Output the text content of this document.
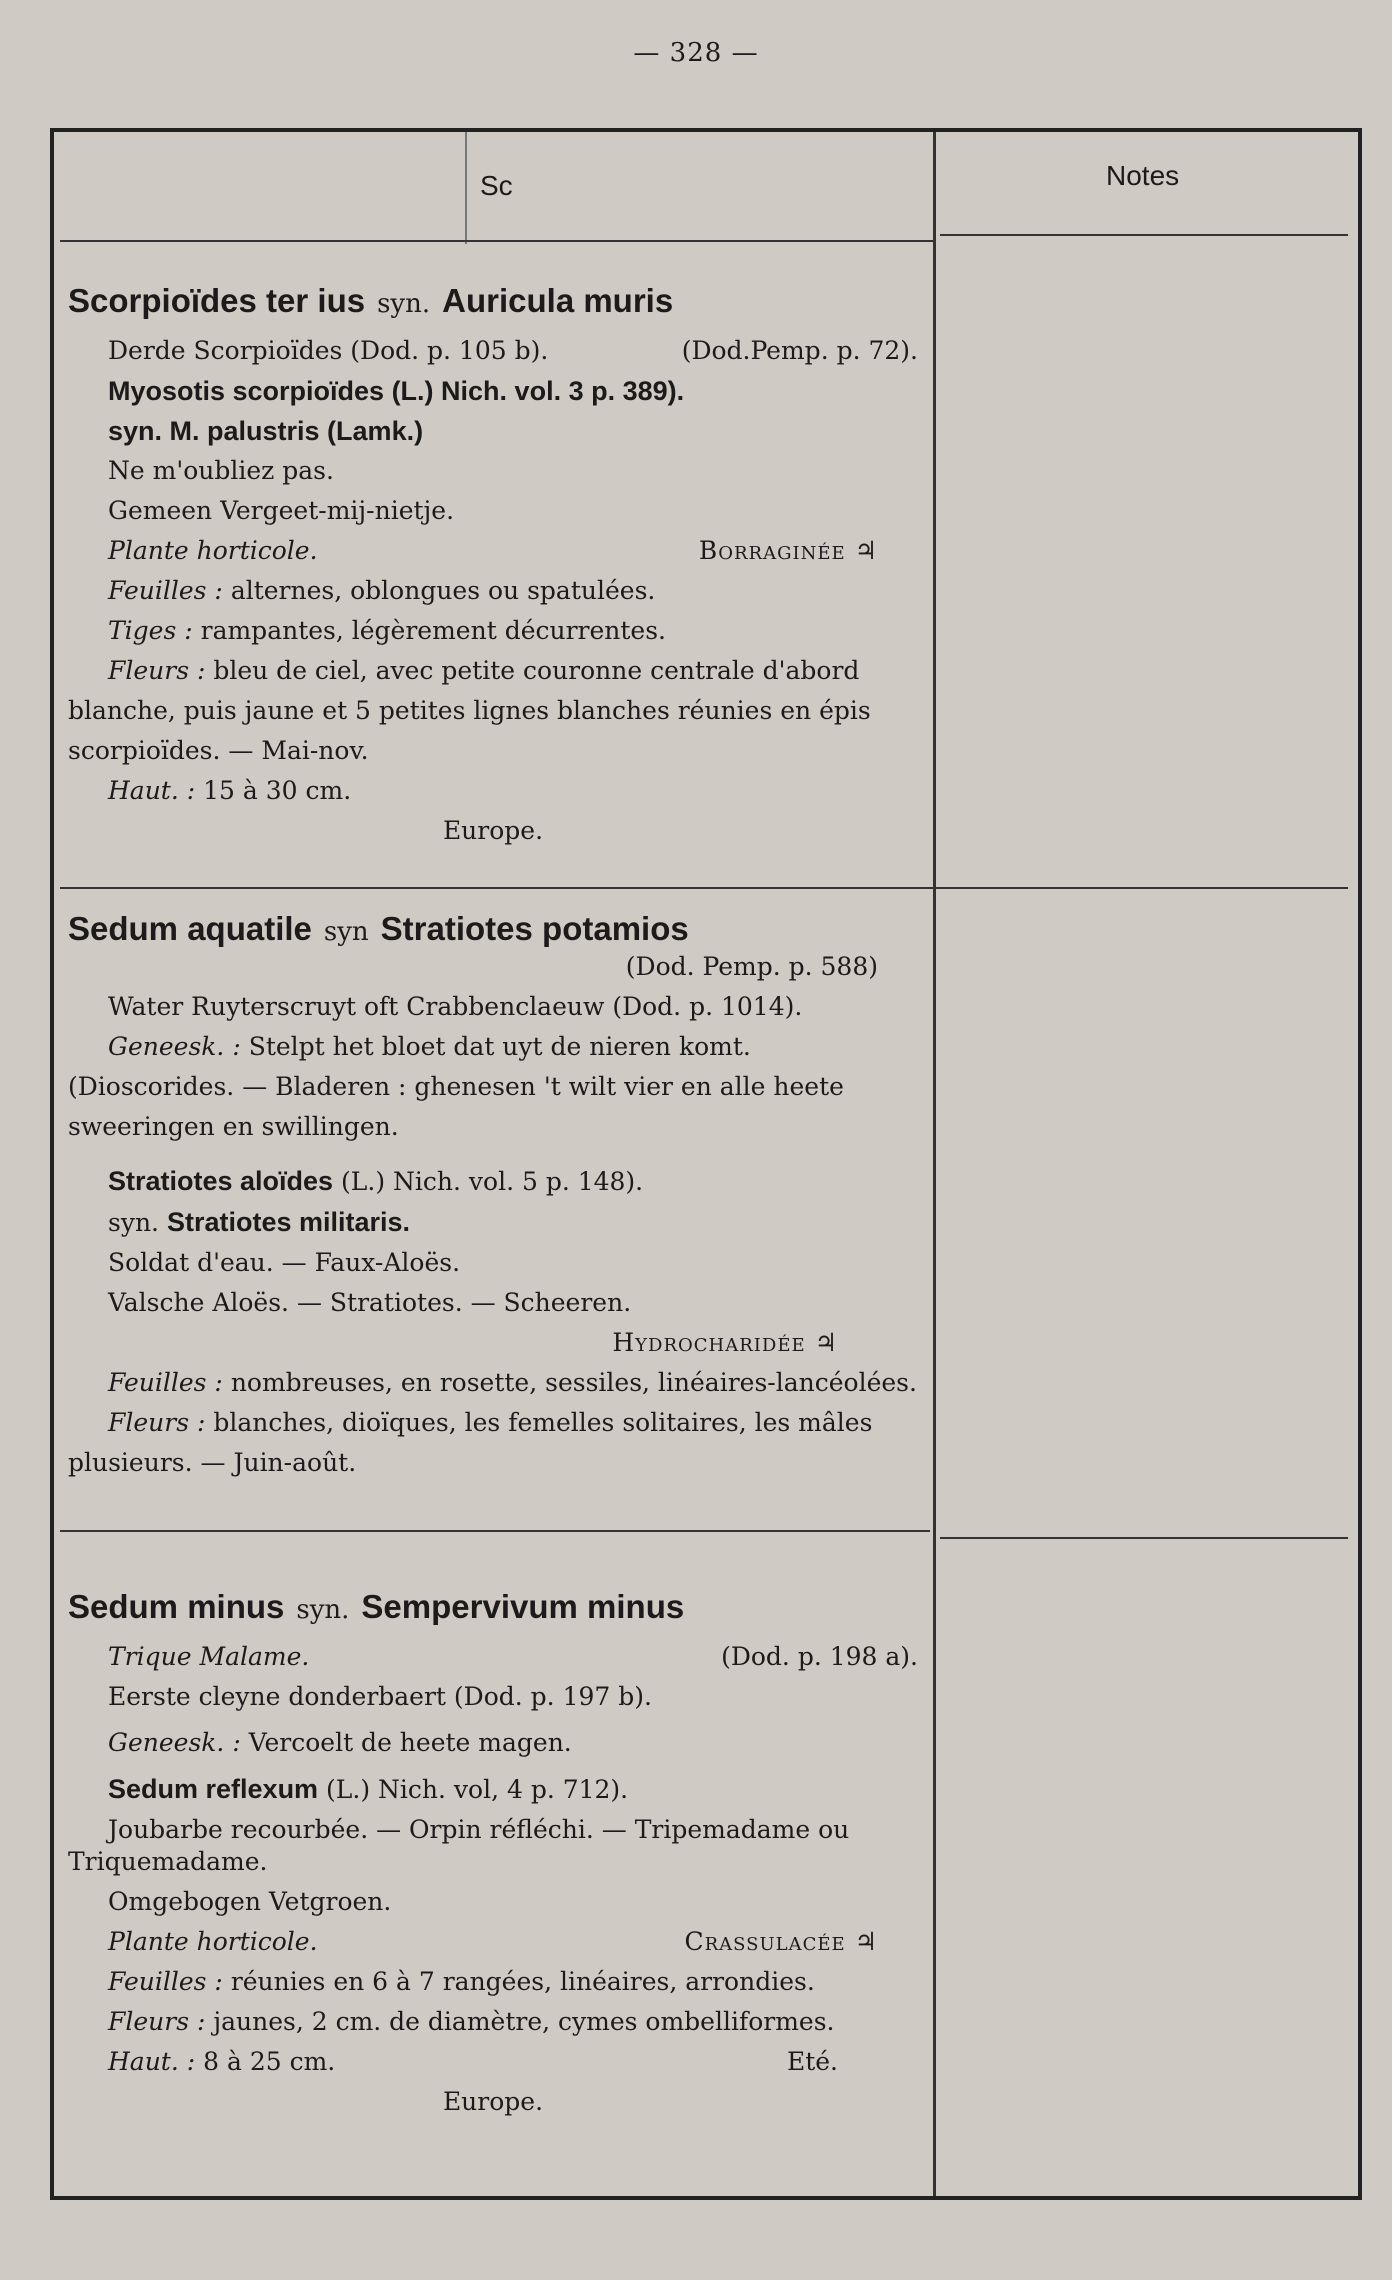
— 328 —
Sc	Notes

Scorpioïdes ter ius syn. Auricula muris

Derde Scorpioïdes (Dod. p. 105 b).	(Dod.Pemp. p. 72).

Myosotis scorpioïdes (L.) Nich. vol. 3 p. 389).

syn. M. palustris (Lamk.)

Ne m'oubliez pas.

Gemeen Vergeet-mij-nietje.

Plante horticole.	Borraginée ♃

Feuilles : alternes, oblongues ou spatulées.

Tiges : rampantes, légèrement décurrentes.

Fleurs : bleu de ciel, avec petite couronne centrale d'abord blanche, puis jaune et 5 petites lignes blanches réunies en épis scorpioïdes. — Mai-nov.

Haut. : 15 à 30 cm.

Europe.

Sedum aquatile syn Stratiotes potamios

(Dod. Pemp. p. 588)

Water Ruyterscruyt oft Crabbenclaeuw (Dod. p. 1014).

Geneesk. : Stelpt het bloet dat uyt de nieren komt. (Dioscorides. — Bladeren : ghenesen 't wilt vier en alle heete sweeringen en swillingen.

Stratiotes aloïdes (L.) Nich. vol. 5 p. 148).

syn. Stratiotes militaris.

Soldat d'eau. — Faux-Aloës.

Valsche Aloës. — Stratiotes. — Scheeren.

Hydrocharidée ♃

Feuilles : nombreuses, en rosette, sessiles, linéaires-lancéolées.

Fleurs : blanches, dioïques, les femelles solitaires, les mâles plusieurs. — Juin-août.

Sedum minus syn. Sempervivum minus

Trique Malame.	(Dod. p. 198 a).

Eerste cleyne donderbaert (Dod. p. 197 b).

Geneesk. : Vercoelt de heete magen.

Sedum reflexum (L.) Nich. vol, 4 p. 712).

Joubarbe recourbée. — Orpin réfléchi. — Tripemadame ou Triquemadame.

Omgebogen Vetgroen.

Plante horticole.	Crassulacée ♃

Feuilles : réunies en 6 à 7 rangées, linéaires, arrondies.

Fleurs : jaunes, 2 cm. de diamètre, cymes ombelliformes.

Haut. : 8 à 25 cm.	Eté.

Europe.
